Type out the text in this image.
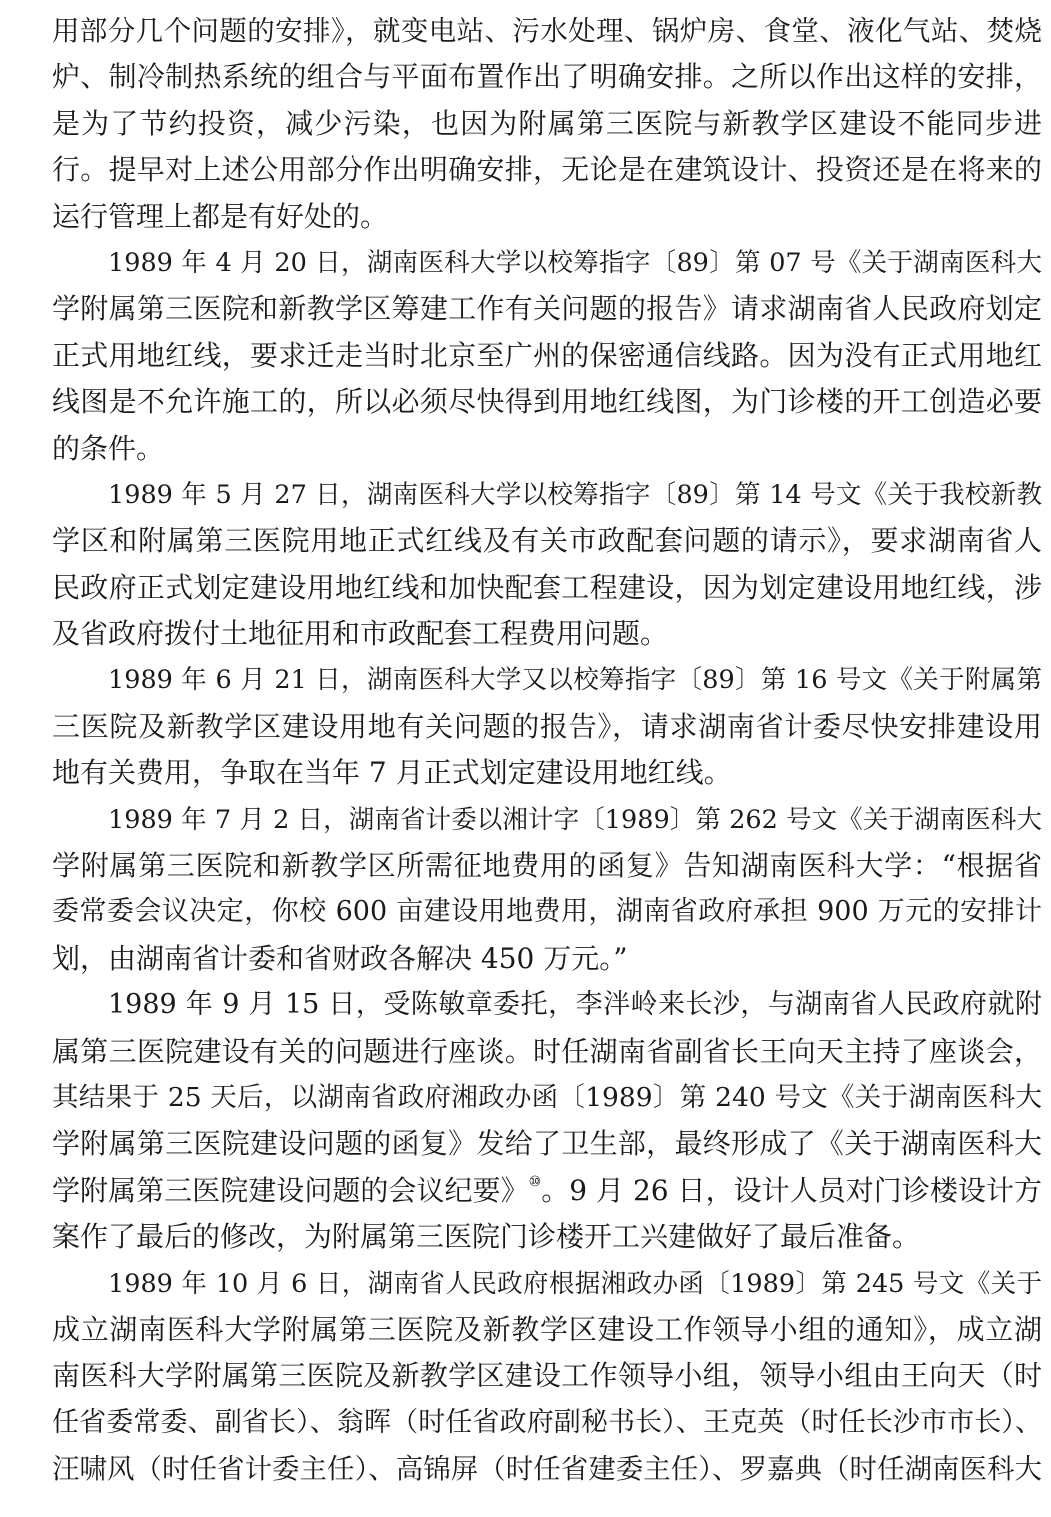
用部分几个问题的安排》，就变电站、污水处理、锅炉房、食堂、液化气站、焚烧
炉、制冷制热系统的组合与平面布置作出了明确安排。之所以作出这样的安排，
是为了节约投资，减少污染，也因为附属第三医院与新教学区建设不能同步进
行。提早对上述公用部分作出明确安排，无论是在建筑设计、投资还是在将来的
运行管理上都是有好处的。
1989 年 4 月 20 日，湖南医科大学以校筹指字〔89〕第 07 号《关于湖南医科大
学附属第三医院和新教学区筹建工作有关问题的报告》请求湖南省人民政府划定
正式用地红线，要求迁走当时北京至广州的保密通信线路。因为没有正式用地红
线图是不允许施工的，所以必须尽快得到用地红线图，为门诊楼的开工创造必要
的条件。
1989 年 5 月 27 日，湖南医科大学以校筹指字〔89〕第 14 号文《关于我校新教
学区和附属第三医院用地正式红线及有关市政配套问题的请示》，要求湖南省人
民政府正式划定建设用地红线和加快配套工程建设，因为划定建设用地红线，涉
及省政府拨付土地征用和市政配套工程费用问题。
1989 年 6 月 21 日，湖南医科大学又以校筹指字〔89〕第 16 号文《关于附属第
三医院及新教学区建设用地有关问题的报告》，请求湖南省计委尽快安排建设用
地有关费用，争取在当年 7 月正式划定建设用地红线。
1989 年 7 月 2 日，湖南省计委以湘计字〔1989〕第 262 号文《关于湖南医科大
学附属第三医院和新教学区所需征地费用的函复》告知湖南医科大学：“根据省
委常委会议决定，你校 600 亩建设用地费用，湖南省政府承担 900 万元的安排计
划，由湖南省计委和省财政各解决 450 万元。”
1989 年 9 月 15 日，受陈敏章委托，李泮岭来长沙，与湖南省人民政府就附
属第三医院建设有关的问题进行座谈。时任湖南省副省长王向天主持了座谈会，
其结果于 25 天后，以湖南省政府湘政办函〔1989〕第 240 号文《关于湖南医科大
学附属第三医院建设问题的函复》发给了卫生部，最终形成了《关于湖南医科大
学附属第三医院建设问题的会议纪要》⑩。9 月 26 日，设计人员对门诊楼设计方
案作了最后的修改，为附属第三医院门诊楼开工兴建做好了最后准备。
1989 年 10 月 6 日，湖南省人民政府根据湘政办函〔1989〕第 245 号文《关于
成立湖南医科大学附属第三医院及新教学区建设工作领导小组的通知》，成立湖
南医科大学附属第三医院及新教学区建设工作领导小组，领导小组由王向天（时
任省委常委、副省长）、翁晖（时任省政府副秘书长）、王克英（时任长沙市市长）、
汪啸风（时任省计委主任）、高锦屏（时任省建委主任）、罗嘉典（时任湖南医科大
